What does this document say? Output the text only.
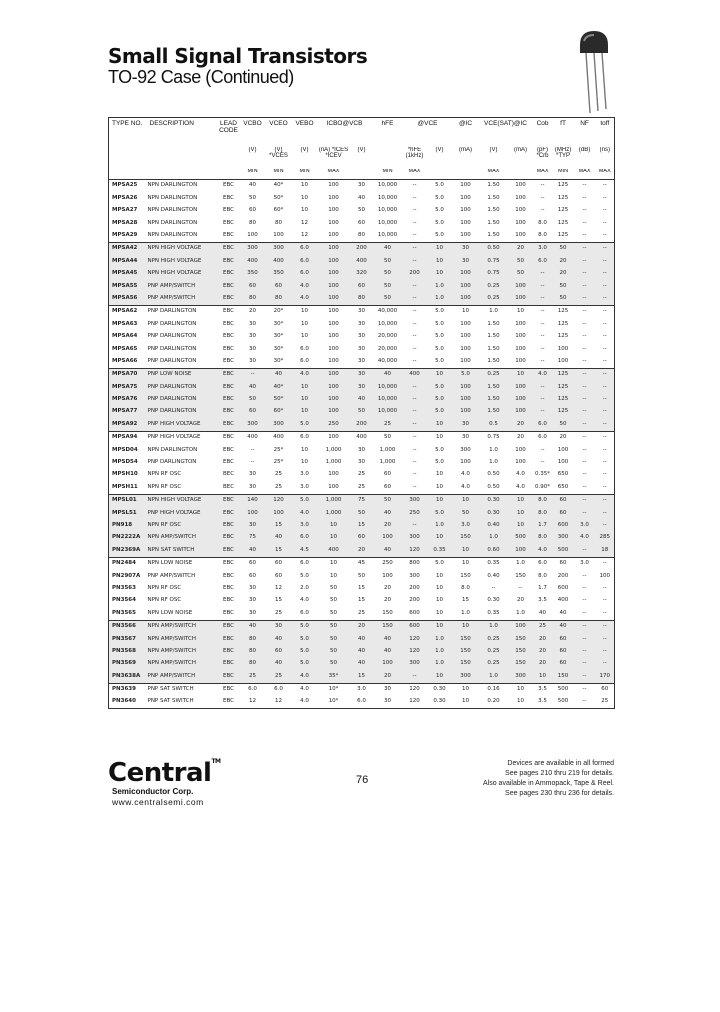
Small Signal Transistors
TO-92 Case (Continued)
TYPE NO.	DESCRIPTION	LEAD CODE	VCBO	VCEO	VEBO	ICBO@VCB		hFE	@VCE		@IC	VCE(SAT)@IC		Cob	fT	NF	toff
			(V)	(V) *VCES	(V)	(nA) *ICES *ICEV	(V)		*hFE (1kHz)	(V)	(mA)	(V)	(mA)	(pF) *Crb	(MHz) *TYP	(dB)	(ns)
			MIN	MIN	MIN	MAX		MIN	MAX			MAX		MAX	MIN	MAX	MAX
MPSA25	NPN DARLINGTON	EBC	40	40*	10	100	30	10,000	--	5.0	100	1.50	100	--	125	--	--
MPSA26	NPN DARLINGTON	EBC	50	50*	10	100	40	10,000	--	5.0	100	1.50	100	--	125	--	--
MPSA27	NPN DARLINGTON	EBC	60	60*	10	100	50	10,000	--	5.0	100	1.50	100	--	125	--	--
MPSA28	NPN DARLINGTON	EBC	80	80	12	100	60	10,000	--	5.0	100	1.50	100	8.0	125	--	--
MPSA29	NPN DARLINGTON	EBC	100	100	12	100	80	10,000	--	5.0	100	1.50	100	8.0	125	--	--
MPSA42	NPN HIGH VOLTAGE	EBC	300	300	6.0	100	200	40	--	10	30	0.50	20	3.0	50	--	--
MPSA44	NPN HIGH VOLTAGE	EBC	400	400	6.0	100	400	50	--	10	30	0.75	50	6.0	20	--	--
MPSA45	NPN HIGH VOLTAGE	EBC	350	350	6.0	100	320	50	200	10	100	0.75	50	--	20	--	--
MPSA55	PNP AMP/SWITCH	EBC	60	60	4.0	100	60	50	--	1.0	100	0.25	100	--	50	--	--
MPSA56	PNP AMP/SWITCH	EBC	80	80	4.0	100	80	50	--	1.0	100	0.25	100	--	50	--	--
MPSA62	PNP DARLINGTON	EBC	20	20*	10	100	30	40,000	--	5.0	10	1.0	10	--	125	--	--
MPSA63	PNP DARLINGTON	EBC	30	30*	10	100	30	10,000	--	5.0	100	1.50	100	--	125	--	--
MPSA64	PNP DARLINGTON	EBC	30	30*	10	100	30	20,000	--	5.0	100	1.50	100	--	125	--	--
MPSA65	PNP DARLINGTON	EBC	30	30*	6.0	100	30	20,000	--	5.0	100	1.50	100	--	100	--	--
MPSA66	PNP DARLINGTON	EBC	30	30*	6.0	100	30	40,000	--	5.0	100	1.50	100	--	100	--	--
MPSA70	PNP LOW NOISE	EBC	--	40	4.0	100	30	40	400	10	5.0	0.25	10	4.0	125	--	--
MPSA75	PNP DARLINGTON	EBC	40	40*	10	100	30	10,000	--	5.0	100	1.50	100	--	125	--	--
MPSA76	PNP DARLINGTON	EBC	50	50*	10	100	40	10,000	--	5.0	100	1.50	100	--	125	--	--
MPSA77	PNP DARLINGTON	EBC	60	60*	10	100	50	10,000	--	5.0	100	1.50	100	--	125	--	--
MPSA92	PNP HIGH VOLTAGE	EBC	300	300	5.0	250	200	25	--	10	30	0.5	20	6.0	50	--	--
MPSA94	PNP HIGH VOLTAGE	EBC	400	400	6.0	100	400	50	--	10	30	0.75	20	6.0	20	--	--
MPSD04	NPN DARLINGTON	EBC	--	25*	10	1,000	30	1,000	--	5.0	300	1.0	100	--	100	--	--
MPSD54	PNP DARLINGTON	EBC	--	25*	10	1,000	30	1,000	--	5.0	100	1.0	100	--	100	--	--
MPSH10	NPN RF OSC	BEC	30	25	3.0	100	25	60	--	10	4.0	0.50	4.0	0.35*	650	--	--
MPSH11	NPN RF OSC	BEC	30	25	3.0	100	25	60	--	10	4.0	0.50	4.0	0.90*	650	--	--
MPSL01	NPN HIGH VOLTAGE	EBC	140	120	5.0	1,000	75	50	300	10	10	0.30	10	8.0	60	--	--
MPSL51	PNP HIGH VOLTAGE	EBC	100	100	4.0	1,000	50	40	250	5.0	50	0.30	10	8.0	60	--	--
PN918	NPN RF OSC	EBC	30	15	3.0	10	15	20	--	1.0	3.0	0.40	10	1.7	600	3.0	--
PN2222A	NPN AMP/SWITCH	EBC	75	40	6.0	10	60	100	300	10	150	1.0	500	8.0	300	4.0	285
PN2369A	NPN SAT SWITCH	EBC	40	15	4.5	400	20	40	120	0.35	10	0.60	100	4.0	500	--	18
PN2484	NPN LOW NOISE	EBC	60	60	6.0	10	45	250	800	5.0	10	0.35	1.0	6.0	60	3.0	--
PN2907A	PNP AMP/SWITCH	EBC	60	60	5.0	10	50	100	300	10	150	0.40	150	8.0	200	--	100
PN3563	NPN RF OSC	EBC	30	12	2.0	50	15	20	200	10	8.0	--	--	1.7	600	--	--
PN3564	NPN RF OSC	EBC	30	15	4.0	50	15	20	200	10	15	0.30	20	3.5	400	--	--
PN3565	NPN LOW NOISE	EBC	30	25	6.0	50	25	150	600	10	1.0	0.35	1.0	40	40	--	--
PN3566	NPN AMP/SWITCH	EBC	40	30	5.0	50	20	150	600	10	10	1.0	100	25	40	--	--
PN3567	NPN AMP/SWITCH	EBC	80	40	5.0	50	40	40	120	1.0	150	0.25	150	20	60	--	--
PN3568	NPN AMP/SWITCH	EBC	80	60	5.0	50	40	40	120	1.0	150	0.25	150	20	60	--	--
PN3569	NPN AMP/SWITCH	EBC	80	40	5.0	50	40	100	300	1.0	150	0.25	150	20	60	--	--
PN3638A	PNP AMP/SWITCH	EBC	25	25	4.0	35*	15	20	--	10	300	1.0	300	10	150	--	170
PN3639	PNP SAT SWITCH	EBC	6.0	6.0	4.0	10*	3.0	30	120	0.30	10	0.16	10	3.5	500	--	60
PN3640	PNP SAT SWITCH	EBC	12	12	4.0	10*	6.0	30	120	0.30	10	0.20	10	3.5	500	--	25
Central™
Semiconductor Corp.
www.centralsemi.com
76
Devices are available in all formed
See pages 210 thru 219 for details.
Also available in Ammopack, Tape & Reel.
See pages 230 thru 236 for details.
